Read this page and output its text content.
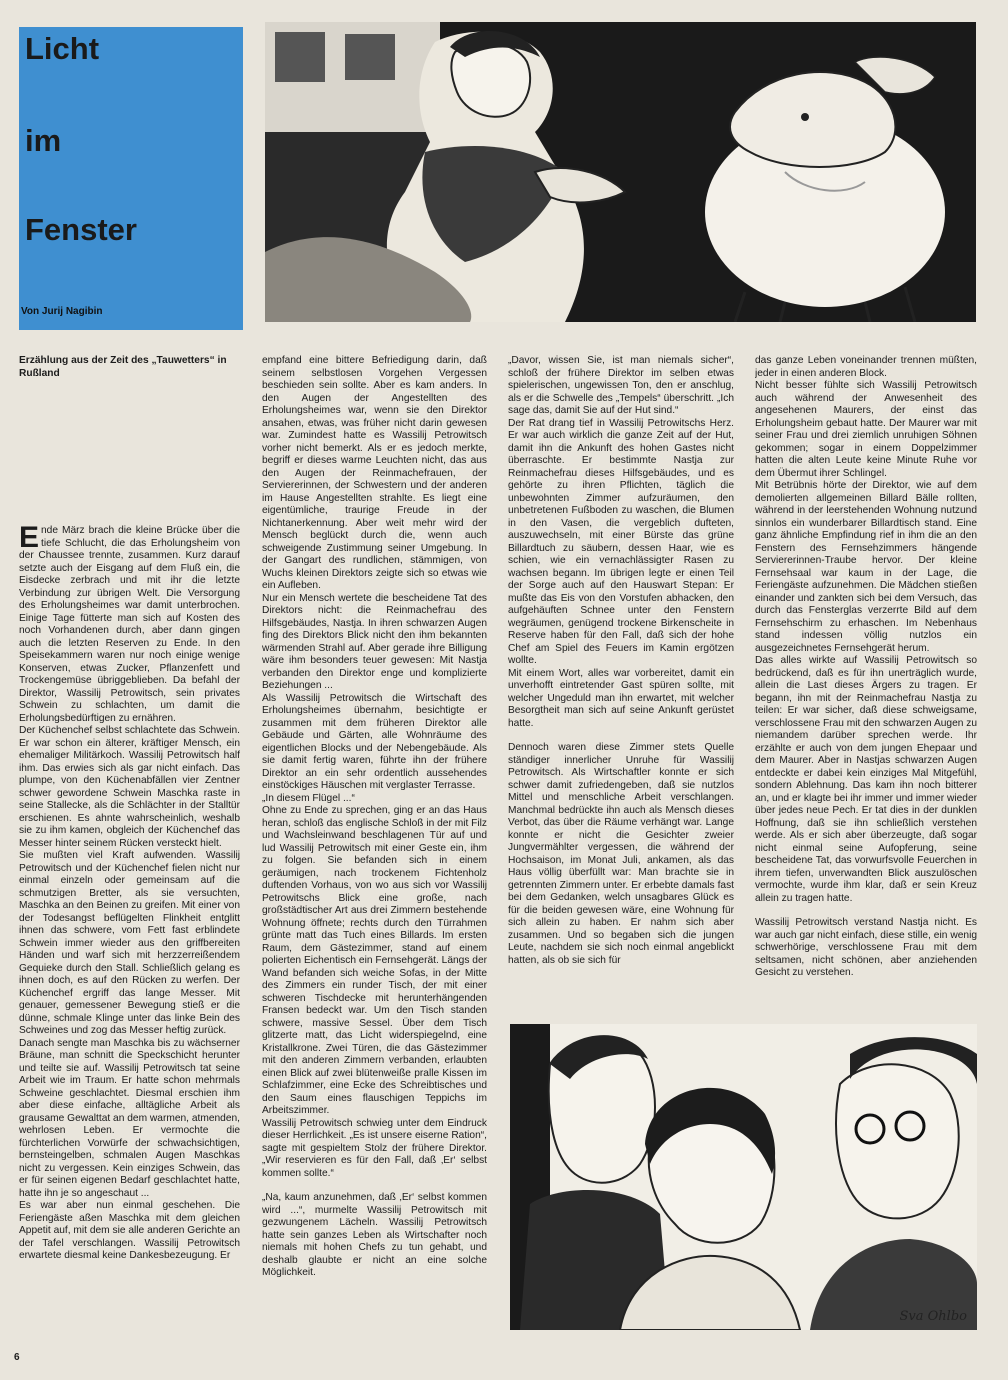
Licht
im
Fenster
Von Jurij Nagibin
Erzählung aus der Zeit des „Tauwetters“ in Rußland

Ende März brach die kleine Brücke über die tiefe Schlucht, die das Erholungsheim von der Chaussee trennte, zusammen. Kurz darauf setzte auch der Eisgang auf dem Fluß ein, die Eisdecke zerbrach und mit ihr die letzte Verbindung zur übrigen Welt. Die Versorgung des Erholungsheimes war damit unterbrochen. Einige Tage fütterte man sich auf Kosten des noch Vorhandenen durch, aber dann gingen auch die letzten Reserven zu Ende. In den Speisekammern waren nur noch einige wenige Konserven, etwas Zucker, Pflanzenfett und Trockengemüse übriggeblieben. Da befahl der Direktor, Wassilij Petrowitsch, sein privates Schwein zu schlachten, um damit die Erholungsbedürftigen zu ernähren.

Der Küchenchef selbst schlachtete das Schwein. Er war schon ein älterer, kräftiger Mensch, ein ehemaliger Militärkoch. Wassilij Petrowitsch half ihm. Das erwies sich als gar nicht einfach. Das plumpe, von den Küchenabfällen vier Zentner schwer gewordene Schwein Maschka raste in seine Stallecke, als die Schlächter in der Stalltür erschienen. Es ahnte wahrscheinlich, weshalb sie zu ihm kamen, obgleich der Küchenchef das Messer hinter seinem Rücken versteckt hielt.

Sie mußten viel Kraft aufwenden. Wassilij Petrowitsch und der Küchenchef fielen nicht nur einmal einzeln oder gemeinsam auf die schmutzigen Bretter, als sie versuchten, Maschka an den Beinen zu greifen. Mit einer von der Todesangst beflügelten Flinkheit entglitt ihnen das schwere, vom Fett fast erblindete Schwein immer wieder aus den griffbereiten Händen und warf sich mit herzzerreißendem Gequieke durch den Stall. Schließlich gelang es ihnen doch, es auf den Rücken zu werfen. Der Küchenchef ergriff das lange Messer. Mit genauer, gemessener Bewegung stieß er die dünne, schmale Klinge unter das linke Bein des Schweines und zog das Messer heftig zurück.

Danach sengte man Maschka bis zu wächserner Bräune, man schnitt die Speckschicht herunter und teilte sie auf. Wassilij Petrowitsch tat seine Arbeit wie im Traum. Er hatte schon mehrmals Schweine geschlachtet. Diesmal erschien ihm aber diese einfache, alltägliche Arbeit als grausame Gewalttat an dem warmen, atmenden, wehrlosen Leben. Er vermochte die fürchterlichen Vorwürfe der schwachsichtigen, bernsteingelben, schmalen Augen Maschkas nicht zu vergessen. Kein einziges Schwein, das er für seinen eigenen Bedarf geschlachtet hatte, hatte ihn je so angeschaut ...

Es war aber nun einmal geschehen. Die Feriengäste aßen Maschka mit dem gleichen Appetit auf, mit dem sie alle anderen Gerichte an der Tafel verschlangen. Wassilij Petrowitsch erwartete diesmal keine Dankesbezeugung. Er

empfand eine bittere Befriedigung darin, daß seinem selbstlosen Vorgehen Vergessen beschieden sein sollte. Aber es kam anders. In den Augen der Angestellten des Erholungsheimes war, wenn sie den Direktor ansahen, etwas, was früher nicht darin gewesen war. Zumindest hatte es Wassilij Petrowitsch vorher nicht bemerkt. Als er es jedoch merkte, begriff er dieses warme Leuchten nicht, das aus den Augen der Reinmachefrauen, der Serviererinnen, der Schwestern und der anderen im Hause Angestellten strahlte. Es liegt eine eigentümliche, traurige Freude in der Nichtanerkennung. Aber weit mehr wird der Mensch beglückt durch die, wenn auch schweigende Zustimmung seiner Umgebung. In der Gangart des rundlichen, stämmigen, von Wuchs kleinen Direktors zeigte sich so etwas wie ein Aufleben.

Nur ein Mensch wertete die bescheidene Tat des Direktors nicht: die Reinmachefrau des Hilfsgebäudes, Nastja. In ihren schwarzen Augen fing des Direktors Blick nicht den ihm bekannten wärmenden Strahl auf. Aber gerade ihre Billigung wäre ihm besonders teuer gewesen: Mit Nastja verbanden den Direktor enge und komplizierte Beziehungen ...

Als Wassilij Petrowitsch die Wirtschaft des Erholungsheimes übernahm, besichtigte er zusammen mit dem früheren Direktor alle Gebäude und Gärten, alle Wohnräume des eigentlichen Blocks und der Nebengebäude. Als sie damit fertig waren, führte ihn der frühere Direktor an ein sehr ordentlich aussehendes einstöckiges Häuschen mit verglaster Terrasse.

„In diesem Flügel ...“

Ohne zu Ende zu sprechen, ging er an das Haus heran, schloß das englische Schloß in der mit Filz und Wachsleinwand beschlagenen Tür auf und lud Wassilij Petrowitsch mit einer Geste ein, ihm zu folgen. Sie befanden sich in einem geräumigen, nach trockenem Fichtenholz duftenden Vorhaus, von wo aus sich vor Wassilij Petrowitschs Blick eine große, nach großstädtischer Art aus drei Zimmern bestehende Wohnung öffnete; rechts durch den Türrahmen grünte matt das Tuch eines Billards. Im ersten Raum, dem Gästezimmer, stand auf einem polierten Eichentisch ein Fernsehgerät. Längs der Wand befanden sich weiche Sofas, in der Mitte des Zimmers ein runder Tisch, der mit einer schweren Tischdecke mit herunterhängenden Fransen bedeckt war. Um den Tisch standen schwere, massive Sessel. Über dem Tisch glitzerte matt, das Licht widerspiegelnd, eine Kristallkrone. Zwei Türen, die das Gästezimmer mit den anderen Zimmern verbanden, erlaubten einen Blick auf zwei blütenweiße pralle Kissen im Schlafzimmer, eine Ecke des Schreibtisches und den Saum eines flauschigen Teppichs im Arbeitszimmer.

Wassilij Petrowitsch schwieg unter dem Eindruck dieser Herrlichkeit. „Es ist unsere eiserne Ration“, sagte mit gespieltem Stolz der frühere Direktor. „Wir reservieren es für den Fall, daß ‚Er‘ selbst kommen sollte.“

„Na, kaum anzunehmen, daß ‚Er‘ selbst kommen wird ...“, murmelte Wassilij Petrowitsch mit gezwungenem Lächeln. Wassilij Petrowitsch hatte sein ganzes Leben als Wirtschafter noch niemals mit hohen Chefs zu tun gehabt, und deshalb glaubte er nicht an eine solche Möglichkeit.

„Davor, wissen Sie, ist man niemals sicher“, schloß der frühere Direktor im selben etwas spielerischen, ungewissen Ton, den er anschlug, als er die Schwelle des „Tempels“ überschritt. „Ich sage das, damit Sie auf der Hut sind.“

Der Rat drang tief in Wassilij Petrowitschs Herz. Er war auch wirklich die ganze Zeit auf der Hut, damit ihn die Ankunft des hohen Gastes nicht überraschte. Er bestimmte Nastja zur Reinmachefrau dieses Hilfsgebäudes, und es gehörte zu ihren Pflichten, täglich die unbewohnten Zimmer aufzuräumen, den unbetretenen Fußboden zu waschen, die Blumen in den Vasen, die vergeblich dufteten, auszuwechseln, mit einer Bürste das grüne Billardtuch zu säubern, dessen Haar, wie es schien, wie ein vernachlässigter Rasen zu wachsen begann. Im übrigen legte er einen Teil der Sorge auch auf den Hauswart Stepan: Er mußte das Eis von den Vorstufen abhacken, den aufgehäuften Schnee unter den Fenstern wegräumen, genügend trockene Birkenscheite in Reserve haben für den Fall, daß sich der hohe Chef am Spiel des Feuers im Kamin ergötzen wollte.

Mit einem Wort, alles war vorbereitet, damit ein unverhofft eintretender Gast spüren sollte, mit welcher Ungeduld man ihn erwartet, mit welcher Besorgtheit man sich auf seine Ankunft gerüstet hatte.

Dennoch waren diese Zimmer stets Quelle ständiger innerlicher Unruhe für Wassilij Petrowitsch. Als Wirtschaftler konnte er sich schwer damit zufriedengeben, daß sie nutzlos Mittel und menschliche Arbeit verschlangen. Manchmal bedrückte ihn auch als Mensch dieses Verbot, das über die Räume verhängt war. Lange konnte er nicht die Gesichter zweier Jungvermählter vergessen, die während der Hochsaison, im Monat Juli, ankamen, als das Haus völlig überfüllt war: Man brachte sie in getrennten Zimmern unter. Er erbebte damals fast bei dem Gedanken, welch unsagbares Glück es für die beiden gewesen wäre, eine Wohnung für sich allein zu haben. Er nahm sich aber zusammen. Und so begaben sich die jungen Leute, nachdem sie sich noch einmal angeblickt hatten, als ob sie sich für

das ganze Leben voneinander trennen müßten, jeder in einen anderen Block.

Nicht besser fühlte sich Wassilij Petrowitsch auch während der Anwesenheit des angesehenen Maurers, der einst das Erholungsheim gebaut hatte. Der Maurer war mit seiner Frau und drei ziemlich unruhigen Söhnen gekommen; sogar in einem Doppelzimmer hatten die alten Leute keine Minute Ruhe vor dem Übermut ihrer Schlingel.

Mit Betrübnis hörte der Direktor, wie auf dem demolierten allgemeinen Billard Bälle rollten, während in der leerstehenden Wohnung nutzund sinnlos ein wunderbarer Billardtisch stand. Eine ganz ähnliche Empfindung rief in ihm die an den Fenstern des Fernsehzimmers hängende Serviererinnen-Traube hervor. Der kleine Fernsehsaal war kaum in der Lage, die Feriengäste aufzunehmen. Die Mädchen stießen einander und zankten sich bei dem Versuch, das durch das Fensterglas verzerrte Bild auf dem Fernsehschirm zu erhaschen. Im Nebenhaus stand indessen völlig nutzlos ein ausgezeichnetes Fernsehgerät herum.

Das alles wirkte auf Wassilij Petrowitsch so bedrückend, daß es für ihn unerträglich wurde, allein die Last dieses Ärgers zu tragen. Er begann, ihn mit der Reinmachefrau Nastja zu teilen: Er war sicher, daß diese schweigsame, verschlossene Frau mit den schwarzen Augen zu niemandem darüber sprechen werde. Ihr erzählte er auch von dem jungen Ehepaar und dem Maurer. Aber in Nastjas schwarzen Augen entdeckte er dabei kein einziges Mal Mitgefühl, sondern Ablehnung. Das kam ihn noch bitterer an, und er klagte bei ihr immer und immer wieder über jedes neue Pech. Er tat dies in der dunklen Hoffnung, daß sie ihn schließlich verstehen werde. Als er sich aber überzeugte, daß sogar nicht einmal seine Aufopferung, seine bescheidene Tat, das vorwurfsvolle Feuerchen in ihrem tiefen, unverwandten Blick auszulöschen vermochte, wurde ihm klar, daß er sein Kreuz allein zu tragen hatte.

Wassilij Petrowitsch verstand Nastja nicht. Es war auch gar nicht einfach, diese stille, ein wenig schwerhörige, verschlossene Frau mit dem seltsamen, nicht schönen, aber anziehenden Gesicht zu verstehen.

Sva Ohlbo
6
